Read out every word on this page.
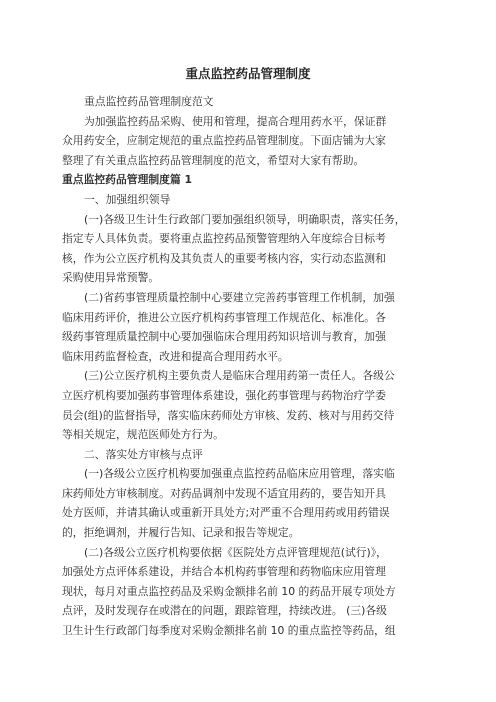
重点监控药品管理制度

重点监控药品管理制度范文

为加强监控药品采购、使用和管理，提高合理用药水平，保证群

众用药安全，应制定规范的重点监控药品管理制度。下面店铺为大家

整理了有关重点监控药品管理制度的范文，希望对大家有帮助。

重点监控药品管理制度篇 1

一、加强组织领导

(一)各级卫生计生行政部门要加强组织领导，明确职责，落实任务，

指定专人具体负责。要将重点监控药品预警管理纳入年度综合目标考

核，作为公立医疗机构及其负责人的重要考核内容，实行动态监测和

采购使用异常预警。

(二)省药事管理质量控制中心要建立完善药事管理工作机制，加强

临床用药评价，推进公立医疗机构药事管理工作规范化、标准化。各

级药事管理质量控制中心要加强临床合理用药知识培训与教育，加强

临床用药监督检查，改进和提高合理用药水平。

(三)公立医疗机构主要负责人是临床合理用药第一责任人。各级公

立医疗机构要加强药事管理体系建设，强化药事管理与药物治疗学委

员会(组)的监督指导，落实临床药师处方审核、发药、核对与用药交待

等相关规定，规范医师处方行为。

二、落实处方审核与点评

(一)各级公立医疗机构要加强重点监控药品临床应用管理，落实临

床药师处方审核制度。对药品调剂中发现不适宜用药的，要告知开具

处方医师，并请其确认或重新开具处方;对严重不合理用药或用药错误

的，拒绝调剂，并履行告知、记录和报告等规定。

(二)各级公立医疗机构要依据《医院处方点评管理规范(试行)》，

加强处方点评体系建设，并结合本机构药事管理和药物临床应用管理

现状，每月对重点监控药品及采购金额排名前 10 的药品开展专项处方

点评，及时发现存在或潜在的问题，跟踪管理，持续改进。 (三)各级

卫生计生行政部门每季度对采购金额排名前 10 的重点监控等药品，组
